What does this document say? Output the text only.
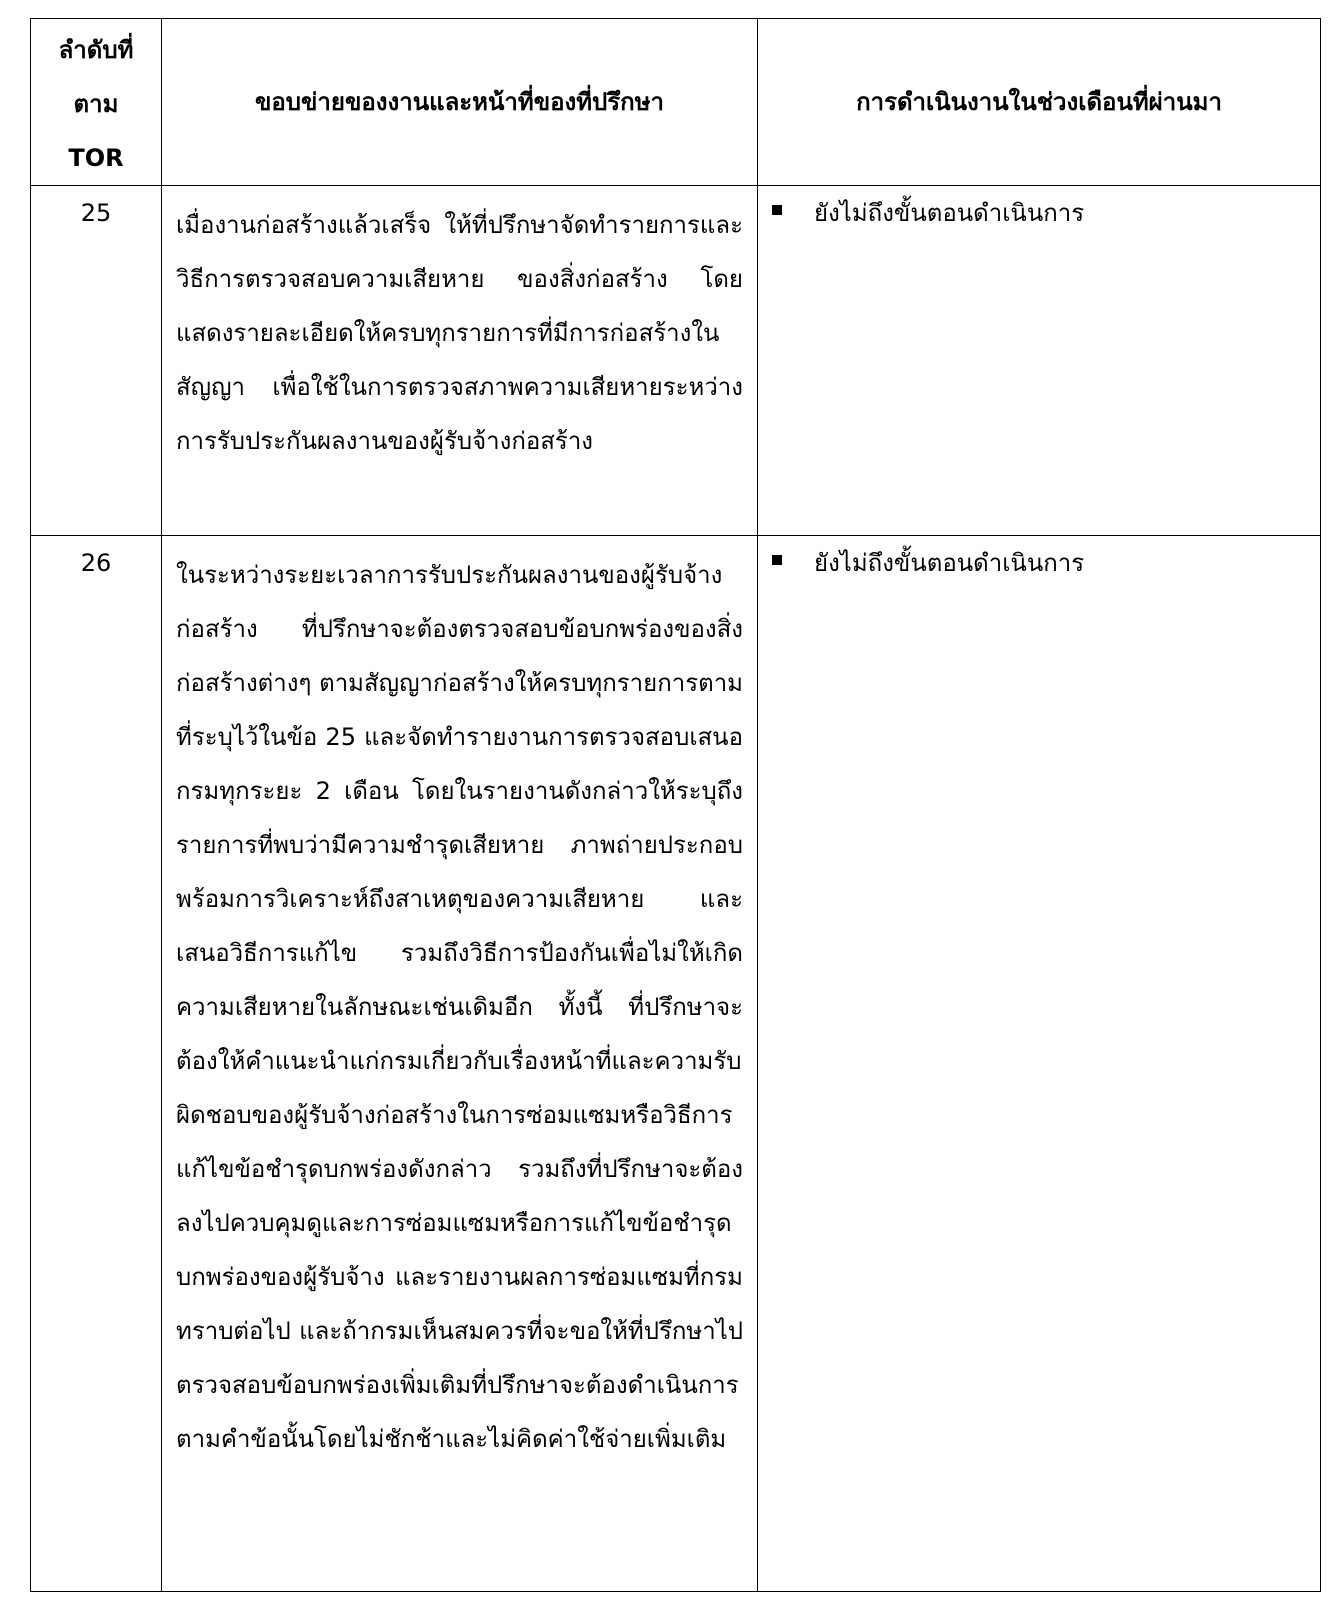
ลำดับที่
ตาม
TOR	ขอบข่ายของงานและหน้าที่ของที่ปรึกษา	การดำเนินงานในช่วงเดือนที่ผ่านมา
25	เมื่องานก่อสร้างแล้วเสร็จ ให้ที่ปรึกษาจัดทำรายการและวิธีการตรวจสอบความเสียหาย ของสิ่งก่อสร้าง โดยแสดงรายละเอียดให้ครบทุกรายการที่มีการก่อสร้างในสัญญา เพื่อใช้ในการตรวจสภาพความเสียหายระหว่างการรับประกันผลงานของผู้รับจ้างก่อสร้าง	ยังไม่ถึงขั้นตอนดำเนินการ

26	ในระหว่างระยะเวลาการรับประกันผลงานของผู้รับจ้างก่อสร้าง ที่ปรึกษาจะต้องตรวจสอบข้อบกพร่องของสิ่งก่อสร้างต่างๆ ตามสัญญาก่อสร้างให้ครบทุกรายการตามที่ระบุไว้ในข้อ 25 และจัดทำรายงานการตรวจสอบเสนอกรมทุกระยะ 2 เดือน โดยในรายงานดังกล่าวให้ระบุถึงรายการที่พบว่ามีความชำรุดเสียหาย ภาพถ่ายประกอบ พร้อมการวิเคราะห์ถึงสาเหตุของความเสียหาย และเสนอวิธีการแก้ไข รวมถึงวิธีการป้องกันเพื่อไม่ให้เกิดความเสียหายในลักษณะเช่นเดิมอีก ทั้งนี้ ที่ปรึกษาจะต้องให้คำแนะนำแก่กรมเกี่ยวกับเรื่องหน้าที่และความรับผิดชอบของผู้รับจ้างก่อสร้างในการซ่อมแซมหรือวิธีการแก้ไขข้อชำรุดบกพร่องดังกล่าว รวมถึงที่ปรึกษาจะต้องลงไปควบคุมดูและการซ่อมแซมหรือการแก้ไขข้อชำรุดบกพร่องของผู้รับจ้าง และรายงานผลการซ่อมแซมที่กรมทราบต่อไป และถ้ากรมเห็นสมควรที่จะขอให้ที่ปรึกษาไปตรวจสอบข้อบกพร่องเพิ่มเติมที่ปรึกษาจะต้องดำเนินการตามคำข้อนั้นโดยไม่ชักช้าและไม่คิดค่าใช้จ่ายเพิ่มเติม	ยังไม่ถึงขั้นตอนดำเนินการ
